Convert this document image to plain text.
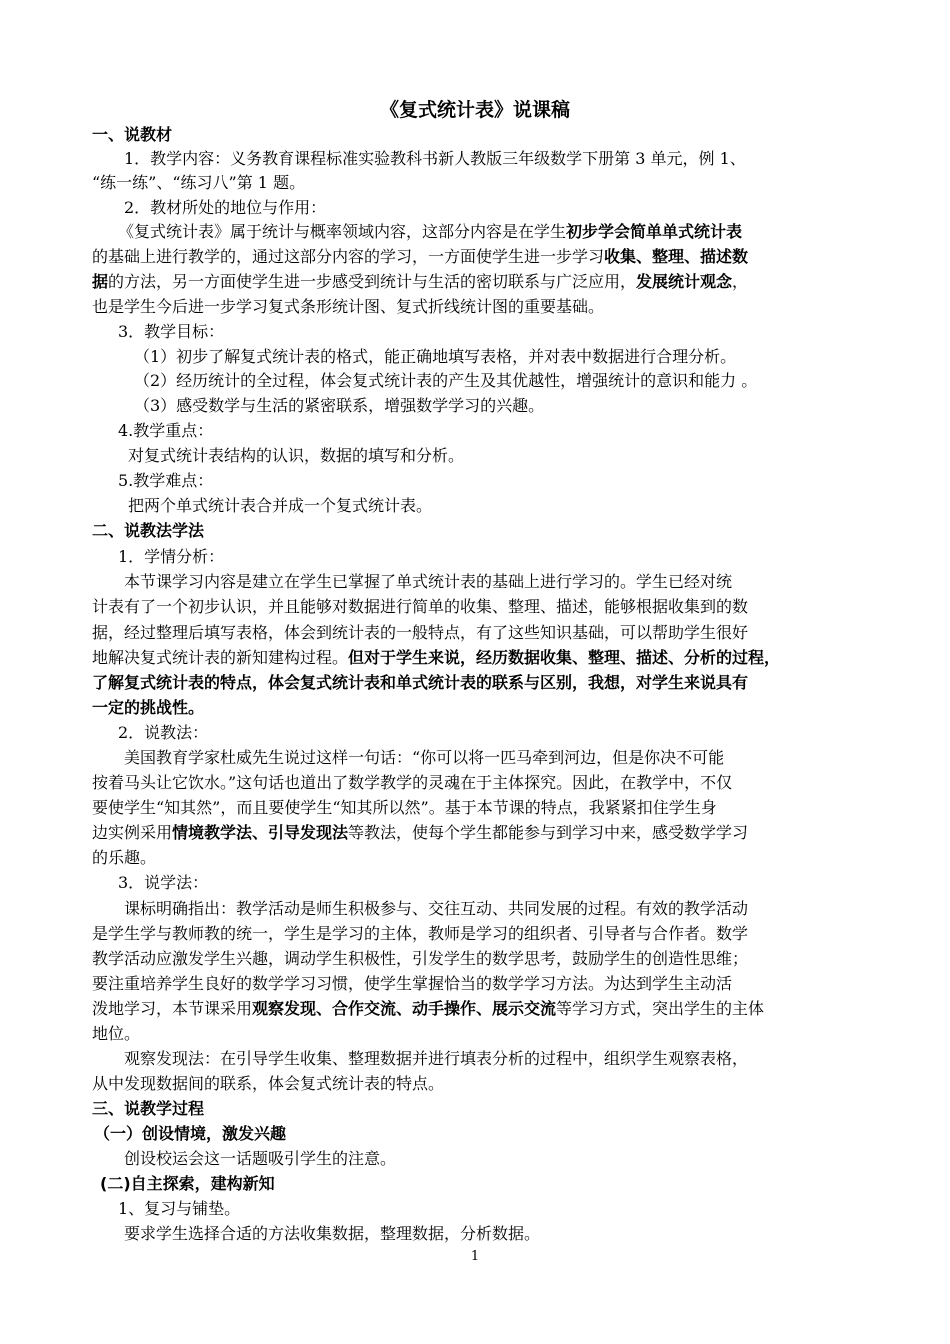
《复式统计表》说课稿
一、说教材
1．教学内容：义务教育课程标准实验教科书新人教版三年级数学下册第 3 单元，例 1、
“练一练”、“练习八”第 1 题。
2．教材所处的地位与作用：
《复式统计表》属于统计与概率领域内容，这部分内容是在学生初步学会简单单式统计表
的基础上进行教学的，通过这部分内容的学习，一方面使学生进一步学习收集、整理、描述数
据的方法，另一方面使学生进一步感受到统计与生活的密切联系与广泛应用，发展统计观念，
也是学生今后进一步学习复式条形统计图、复式折线统计图的重要基础。
3．教学目标：
（1）初步了解复式统计表的格式，能正确地填写表格，并对表中数据进行合理分析。
（2）经历统计的全过程，体会复式统计表的产生及其优越性，增强统计的意识和能力 。
（3）感受数学与生活的紧密联系，增强数学学习的兴趣。
4.教学重点：
对复式统计表结构的认识，数据的填写和分析。
5.教学难点：
把两个单式统计表合并成一个复式统计表。
二、说教法学法
1．学情分析：
本节课学习内容是建立在学生已掌握了单式统计表的基础上进行学习的。学生已经对统
计表有了一个初步认识，并且能够对数据进行简单的收集、整理、描述，能够根据收集到的数
据，经过整理后填写表格，体会到统计表的一般特点，有了这些知识基础，可以帮助学生很好
地解决复式统计表的新知建构过程。但对于学生来说，经历数据收集、整理、描述、分析的过程，
了解复式统计表的特点，体会复式统计表和单式统计表的联系与区别，我想，对学生来说具有
一定的挑战性。
2．说教法：
美国教育学家杜威先生说过这样一句话：“你可以将一匹马牵到河边，但是你决不可能
按着马头让它饮水。”这句话也道出了数学教学的灵魂在于主体探究。因此，在教学中，不仅
要使学生“知其然”，而且要使学生“知其所以然”。基于本节课的特点，我紧紧扣住学生身
边实例采用情境教学法、引导发现法等教法，使每个学生都能参与到学习中来，感受数学学习
的乐趣。
3．说学法：
课标明确指出：教学活动是师生积极参与、交往互动、共同发展的过程。有效的教学活动
是学生学与教师教的统一，学生是学习的主体，教师是学习的组织者、引导者与合作者。数学
教学活动应激发学生兴趣，调动学生积极性，引发学生的数学思考，鼓励学生的创造性思维；
要注重培养学生良好的数学学习习惯，使学生掌握恰当的数学学习方法。为达到学生主动活
泼地学习，本节课采用观察发现、合作交流、动手操作、展示交流等学习方式，突出学生的主体
地位。
观察发现法：在引导学生收集、整理数据并进行填表分析的过程中，组织学生观察表格，
从中发现数据间的联系，体会复式统计表的特点。
三、说教学过程
（一）创设情境，激发兴趣
创设校运会这一话题吸引学生的注意。
(二)自主探索，建构新知
1、复习与铺垫。
要求学生选择合适的方法收集数据，整理数据，分析数据。
1
